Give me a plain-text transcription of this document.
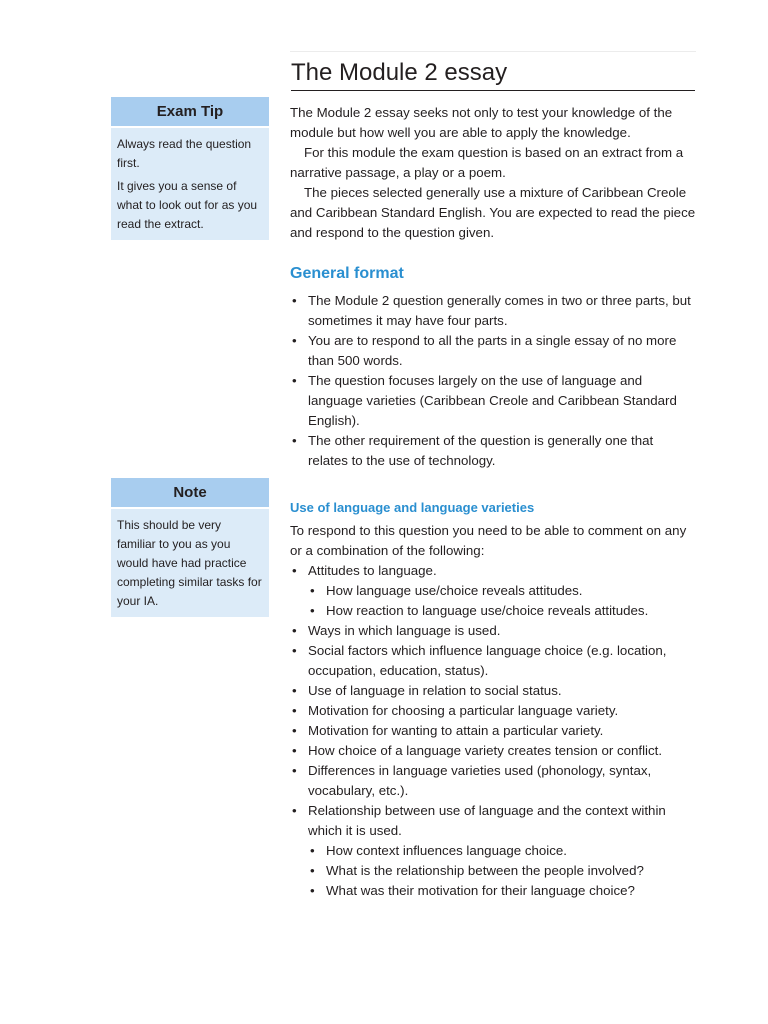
The Module 2 essay
Exam Tip

Always read the question first.

It gives you a sense of what to look out for as you read the extract.

Note

This should be very familiar to you as you would have had practice completing similar tasks for your IA.

The Module 2 essay seeks not only to test your knowledge of the module but how well you are able to apply the knowledge.

For this module the exam question is based on an extract from a narrative passage, a play or a poem.

The pieces selected generally use a mixture of Caribbean Creole and Caribbean Standard English. You are expected to read the piece and respond to the question given.

General format
• The Module 2 question generally comes in two or three parts, but sometimes it may have four parts.
• You are to respond to all the parts in a single essay of no more than 500 words.
• The question focuses largely on the use of language and language varieties (Caribbean Creole and Caribbean Standard English).
• The other requirement of the question is generally one that relates to the use of technology.
Use of language and language varieties

To respond to this question you need to be able to comment on any or a combination of the following:

• Attitudes to language.
• How language use/choice reveals attitudes.
• How reaction to language use/choice reveals attitudes.
• Ways in which language is used.
• Social factors which influence language choice (e.g. location, occupation, education, status).
• Use of language in relation to social status.
• Motivation for choosing a particular language variety.
• Motivation for wanting to attain a particular variety.
• How choice of a language variety creates tension or conflict.
• Differences in language varieties used (phonology, syntax, vocabulary, etc.).
• Relationship between use of language and the context within which it is used.
• How context influences language choice.
• What is the relationship between the people involved?
• What was their motivation for their language choice?
